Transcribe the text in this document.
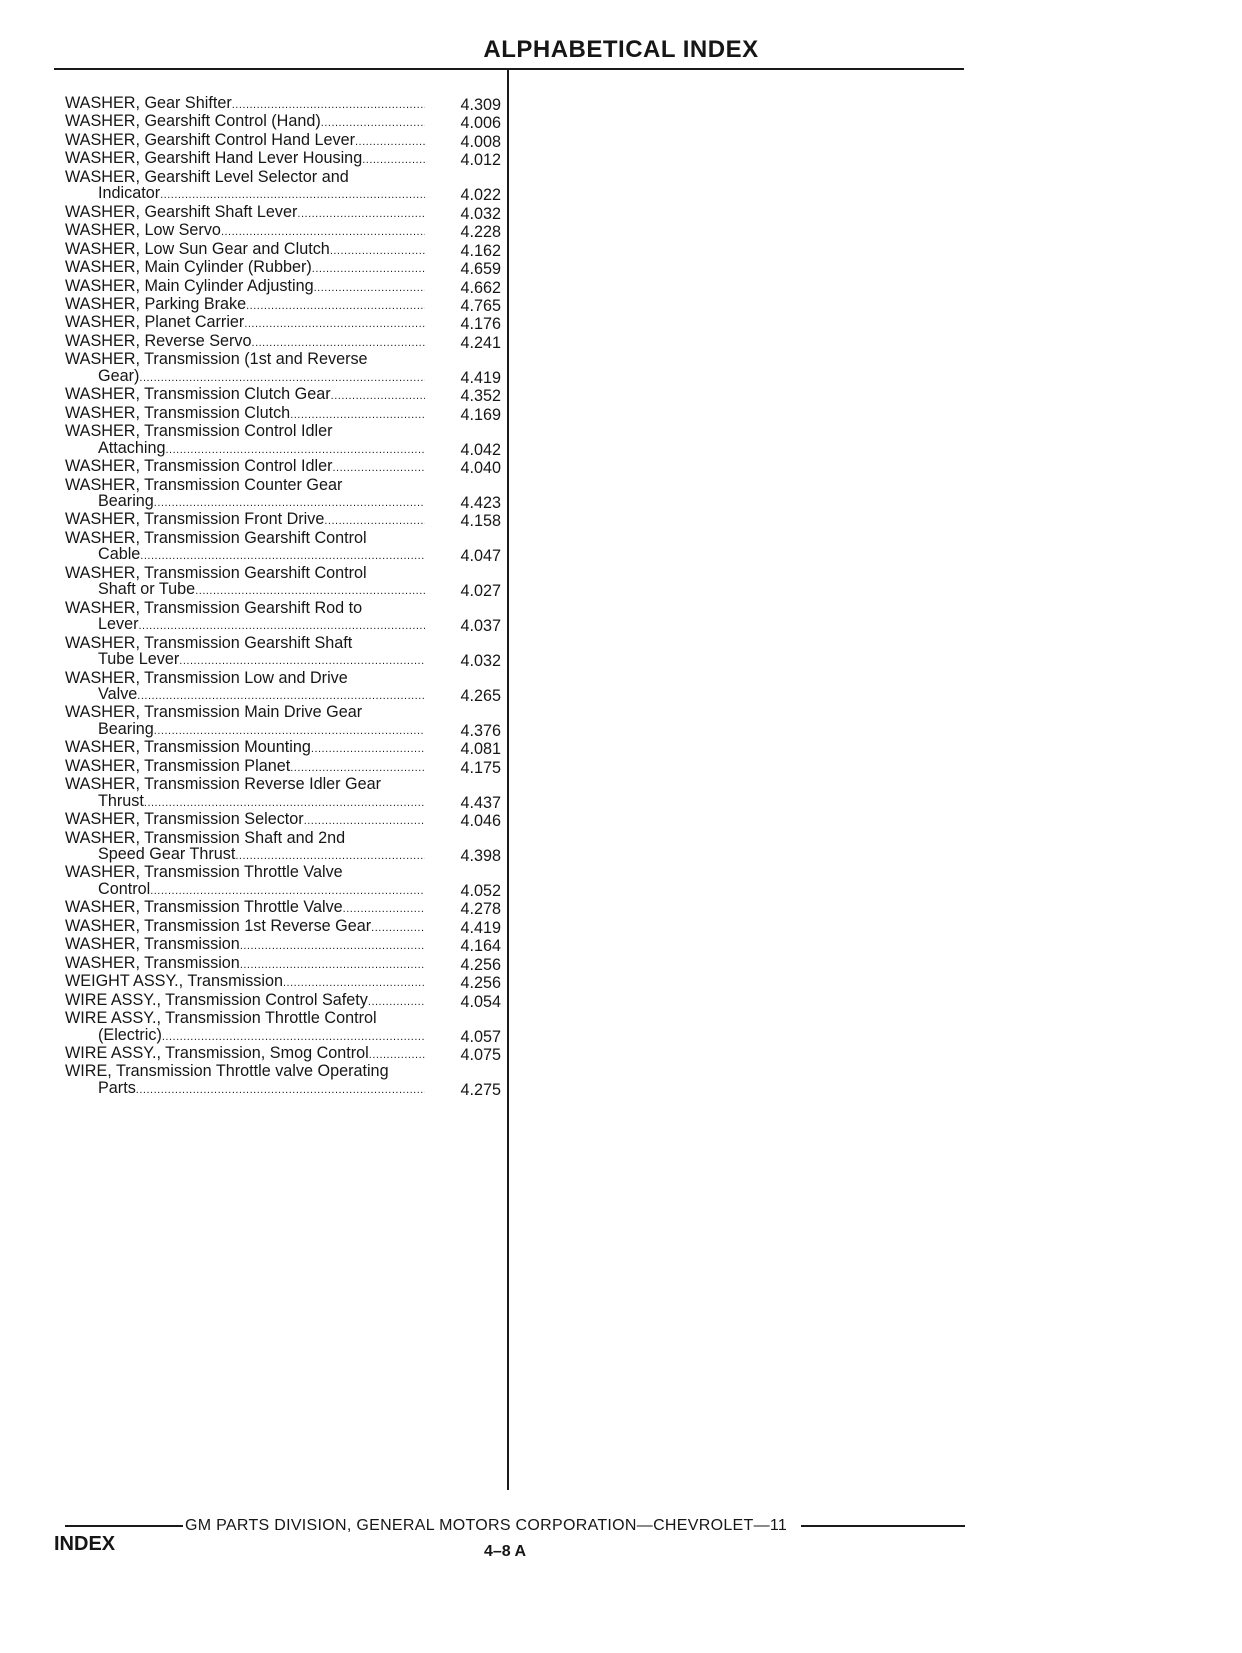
ALPHABETICAL INDEX
WASHER, Gear Shifter .....	4.309
WASHER, Gearshift Control (Hand) .....	4.006
WASHER, Gearshift Control Hand Lever .....	4.008
WASHER, Gearshift Hand Lever Housing .....	4.012
WASHER, Gearshift Level Selector and
Indicator .....	4.022
WASHER, Gearshift Shaft Lever .....	4.032
WASHER, Low Servo .....	4.228
WASHER, Low Sun Gear and Clutch .....	4.162
WASHER, Main Cylinder (Rubber) .....	4.659
WASHER, Main Cylinder Adjusting .....	4.662
WASHER, Parking Brake .....	4.765
WASHER, Planet Carrier .....	4.176
WASHER, Reverse Servo .....	4.241
WASHER, Transmission (1st and Reverse
Gear) .....	4.419
WASHER, Transmission Clutch Gear .....	4.352
WASHER, Transmission Clutch .....	4.169
WASHER, Transmission Control Idler
Attaching .....	4.042
WASHER, Transmission Control Idler .....	4.040
WASHER, Transmission Counter Gear
Bearing .....	4.423
WASHER, Transmission Front Drive .....	4.158
WASHER, Transmission Gearshift Control
Cable .....	4.047
WASHER, Transmission Gearshift Control
Shaft or Tube .....	4.027
WASHER, Transmission Gearshift Rod to
Lever .....	4.037
WASHER, Transmission Gearshift Shaft
Tube Lever .....	4.032
WASHER, Transmission Low and Drive
Valve .....	4.265
WASHER, Transmission Main Drive Gear
Bearing .....	4.376
WASHER, Transmission Mounting .....	4.081
WASHER, Transmission Planet .....	4.175
WASHER, Transmission Reverse Idler Gear
Thrust .....	4.437
WASHER, Transmission Selector .....	4.046
WASHER, Transmission Shaft and 2nd
Speed Gear Thrust .....	4.398
WASHER, Transmission Throttle Valve
Control .....	4.052
WASHER, Transmission Throttle Valve .....	4.278
WASHER, Transmission 1st Reverse Gear .....	4.419
WASHER, Transmission .....	4.164
WASHER, Transmission .....	4.256
WEIGHT ASSY., Transmission .....	4.256
WIRE ASSY., Transmission Control Safety .....	4.054
WIRE ASSY., Transmission Throttle Control
(Electric) .....	4.057
WIRE ASSY., Transmission, Smog Control .....	4.075
WIRE, Transmission Throttle valve Operating
Parts .....	4.275
GM PARTS DIVISION, GENERAL MOTORS CORPORATION—CHEVROLET—11
INDEX	4–8 A
